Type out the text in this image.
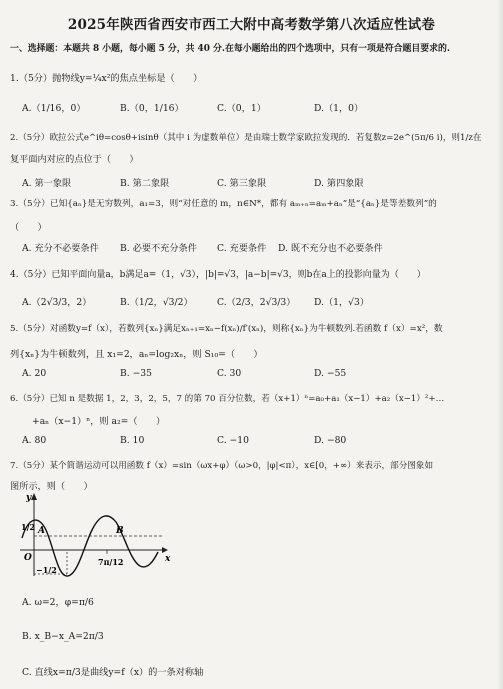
2025年陕西省西安市西工大附中高考数学第八次适应性试卷
一、选择题：本题共 8 小题，每小题 5 分，共 40 分.在每小题给出的四个选项中，只有一项是符合题目要求的.
1.（5分）抛物线y=¼x²的焦点坐标是（　　）
A.（1/16，0）	B.（0，1/16）	C.（0，1）	D.（1，0）
2.（5分）欧拉公式e^iθ=cosθ+isinθ（其中 i 为虚数单位）是由瑞士数学家欧拉发现的．若复数z=2e^(5π/6 i)，则1/z在
复平面内对应的点位于（　　）
A. 第一象限	B. 第二象限	C. 第三象限	D. 第四象限
3.（5分）已知{aₙ}是无穷数列，a₁=3，则“对任意的 m，n∈N*，都有 aₘ₊ₙ=aₘ+aₙ”是“{aₙ}是等差数列”的
（　　）
A. 充分不必要条件 B. 必要不充分条件 C. 充要条件 D. 既不充分也不必要条件
4.（5分）已知平面向量a，b满足a=（1，√3），|b|=√3，|a−b|=√3，则b在a上的投影向量为（　　）
A.（2√3/3，2）	B.（1/2，√3/2）	C.（2/3，2√3/3） D.（1，√3）
5.（5分）对函数y=f（x），若数列{xₙ}满足xₙ₊₁=xₙ−f(xₙ)/f′(xₙ)，则称{xₙ}为牛顿数列.若函数 f（x）=x²，数
列{xₙ}为牛顿数列，且 x₁=2，aₙ=log₂xₙ，则 S₁₀=（　　）
A. 20	B. −35	C. 30	D. −55
6.（5分）已知 n 是数据 1，2，3，2，5，7 的第 70 百分位数，若（x+1）ⁿ=a₀+a₁（x−1）+a₂（x−1）²+…
+aₙ（x−1）ⁿ，则 a₂=（　　）
A. 80	B. 10	C. −10	D. −80
7.（5分）某个简谐运动可以用函数 f（x）=sin（ωx+φ）（ω>0，|φ|<π），x∈[0，+∞）来表示，部分图象如
图所示，则（　　）
y
x
O
1/2
−1/2
A	B
7π/12
A. ω=2，φ=π/6
B. x_B−x_A=2π/3
C. 直线x=π/3是曲线y=f（x）的一条对称轴
